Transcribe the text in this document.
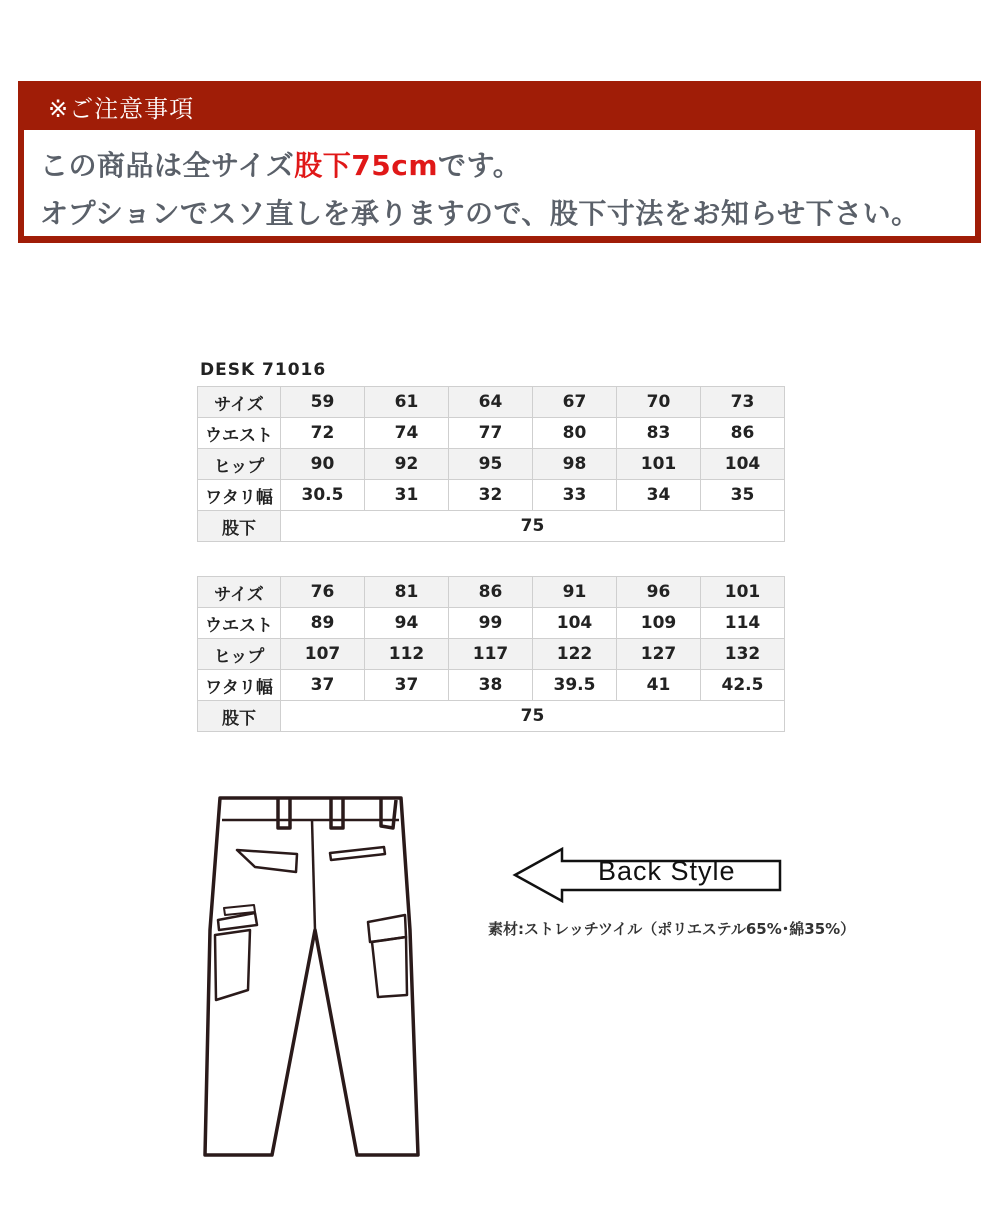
※ご注意事項
この商品は全サイズ股下75cmです。
オプションでスソ直しを承りますので、股下寸法をお知らせ下さい。
DESK 71016
サイズ	59	61	64	67	70	73
ウエスト	72	74	77	80	83	86
ヒップ	90	92	95	98	101	104
ワタリ幅	30.5	31	32	33	34	35
股下	75					
サイズ	76	81	86	91	96	101
ウエスト	89	94	99	104	109	114
ヒップ	107	112	117	122	127	132
ワタリ幅	37	37	38	39.5	41	42.5
股下	75					
Back Style
素材:ストレッチツイル（ポリエステル65%･綿35%）
